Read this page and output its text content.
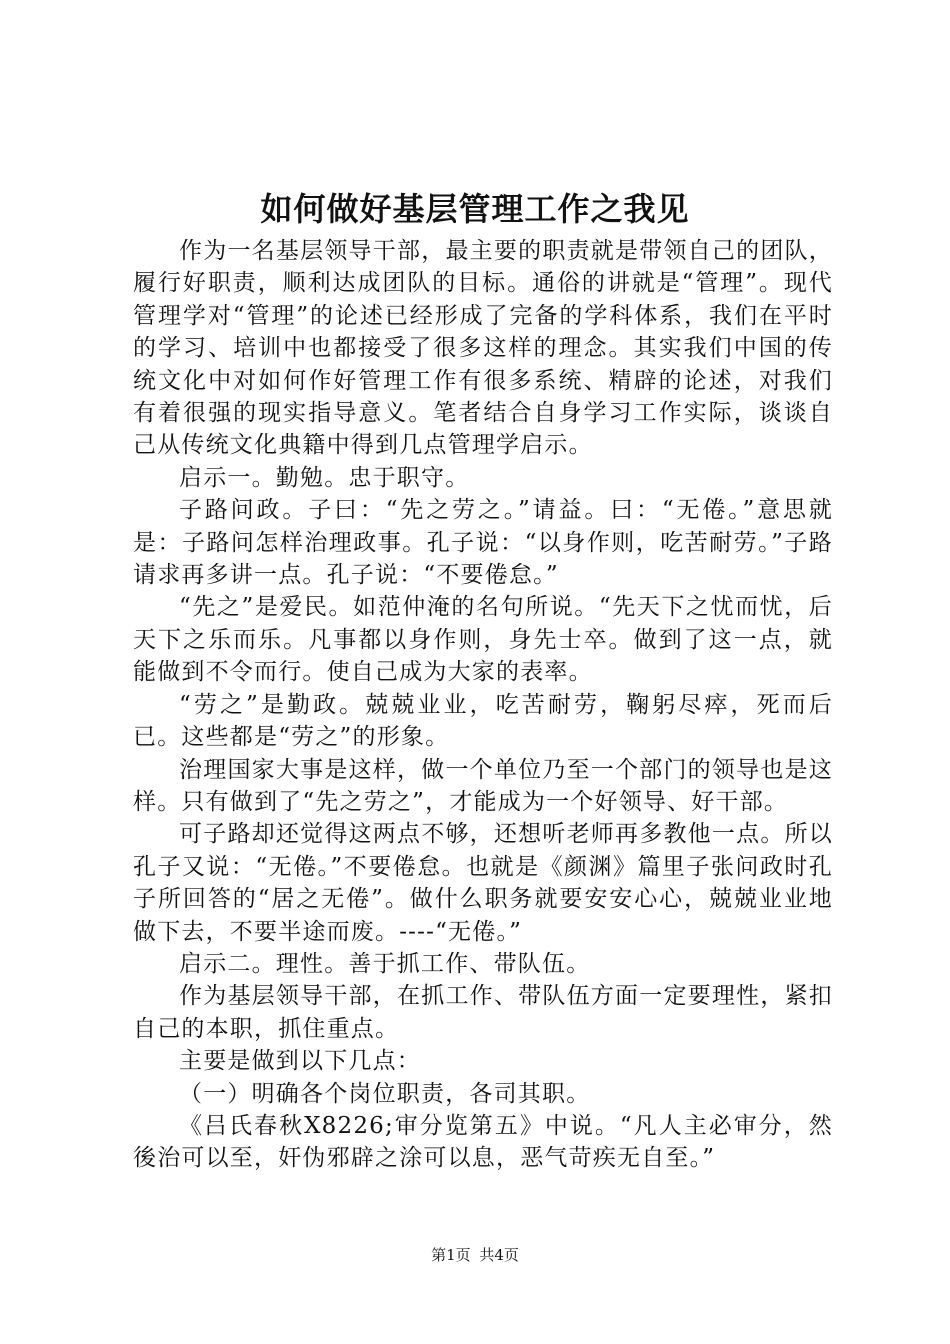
如何做好基层管理工作之我见

作为一名基层领导干部，最主要的职责就是带领自己的团队，履行好职责，顺利达成团队的目标。通俗的讲就是“管理”。现代管理学对“管理”的论述已经形成了完备的学科体系，我们在平时的学习、培训中也都接受了很多这样的理念。其实我们中国的传统文化中对如何作好管理工作有很多系统、精辟的论述，对我们有着很强的现实指导意义。笔者结合自身学习工作实际，谈谈自己从传统文化典籍中得到几点管理学启示。

启示一。勤勉。忠于职守。

子路问政。子曰：“先之劳之。”请益。曰：“无倦。”意思就是：子路问怎样治理政事。孔子说：“以身作则，吃苦耐劳。”子路请求再多讲一点。孔子说：“不要倦怠。”

“先之”是爱民。如范仲淹的名句所说。“先天下之忧而忧，后天下之乐而乐。凡事都以身作则，身先士卒。做到了这一点，就能做到不令而行。使自己成为大家的表率。

“劳之”是勤政。兢兢业业，吃苦耐劳，鞠躬尽瘁，死而后已。这些都是“劳之”的形象。

治理国家大事是这样，做一个单位乃至一个部门的领导也是这样。只有做到了“先之劳之”，才能成为一个好领导、好干部。

可子路却还觉得这两点不够，还想听老师再多教他一点。所以孔子又说：“无倦。”不要倦怠。也就是《颜渊》篇里子张问政时孔子所回答的“居之无倦”。做什么职务就要安安心心，兢兢业业地做下去，不要半途而废。----“无倦。”

启示二。理性。善于抓工作、带队伍。

作为基层领导干部，在抓工作、带队伍方面一定要理性，紧扣自己的本职，抓住重点。

主要是做到以下几点：

（一）明确各个岗位职责，各司其职。

《吕氏春秋X8226;审分览第五》中说。“凡人主必审分，然後治可以至，奸伪邪辟之涂可以息，恶气苛疾无自至。”

第1页 共4页
